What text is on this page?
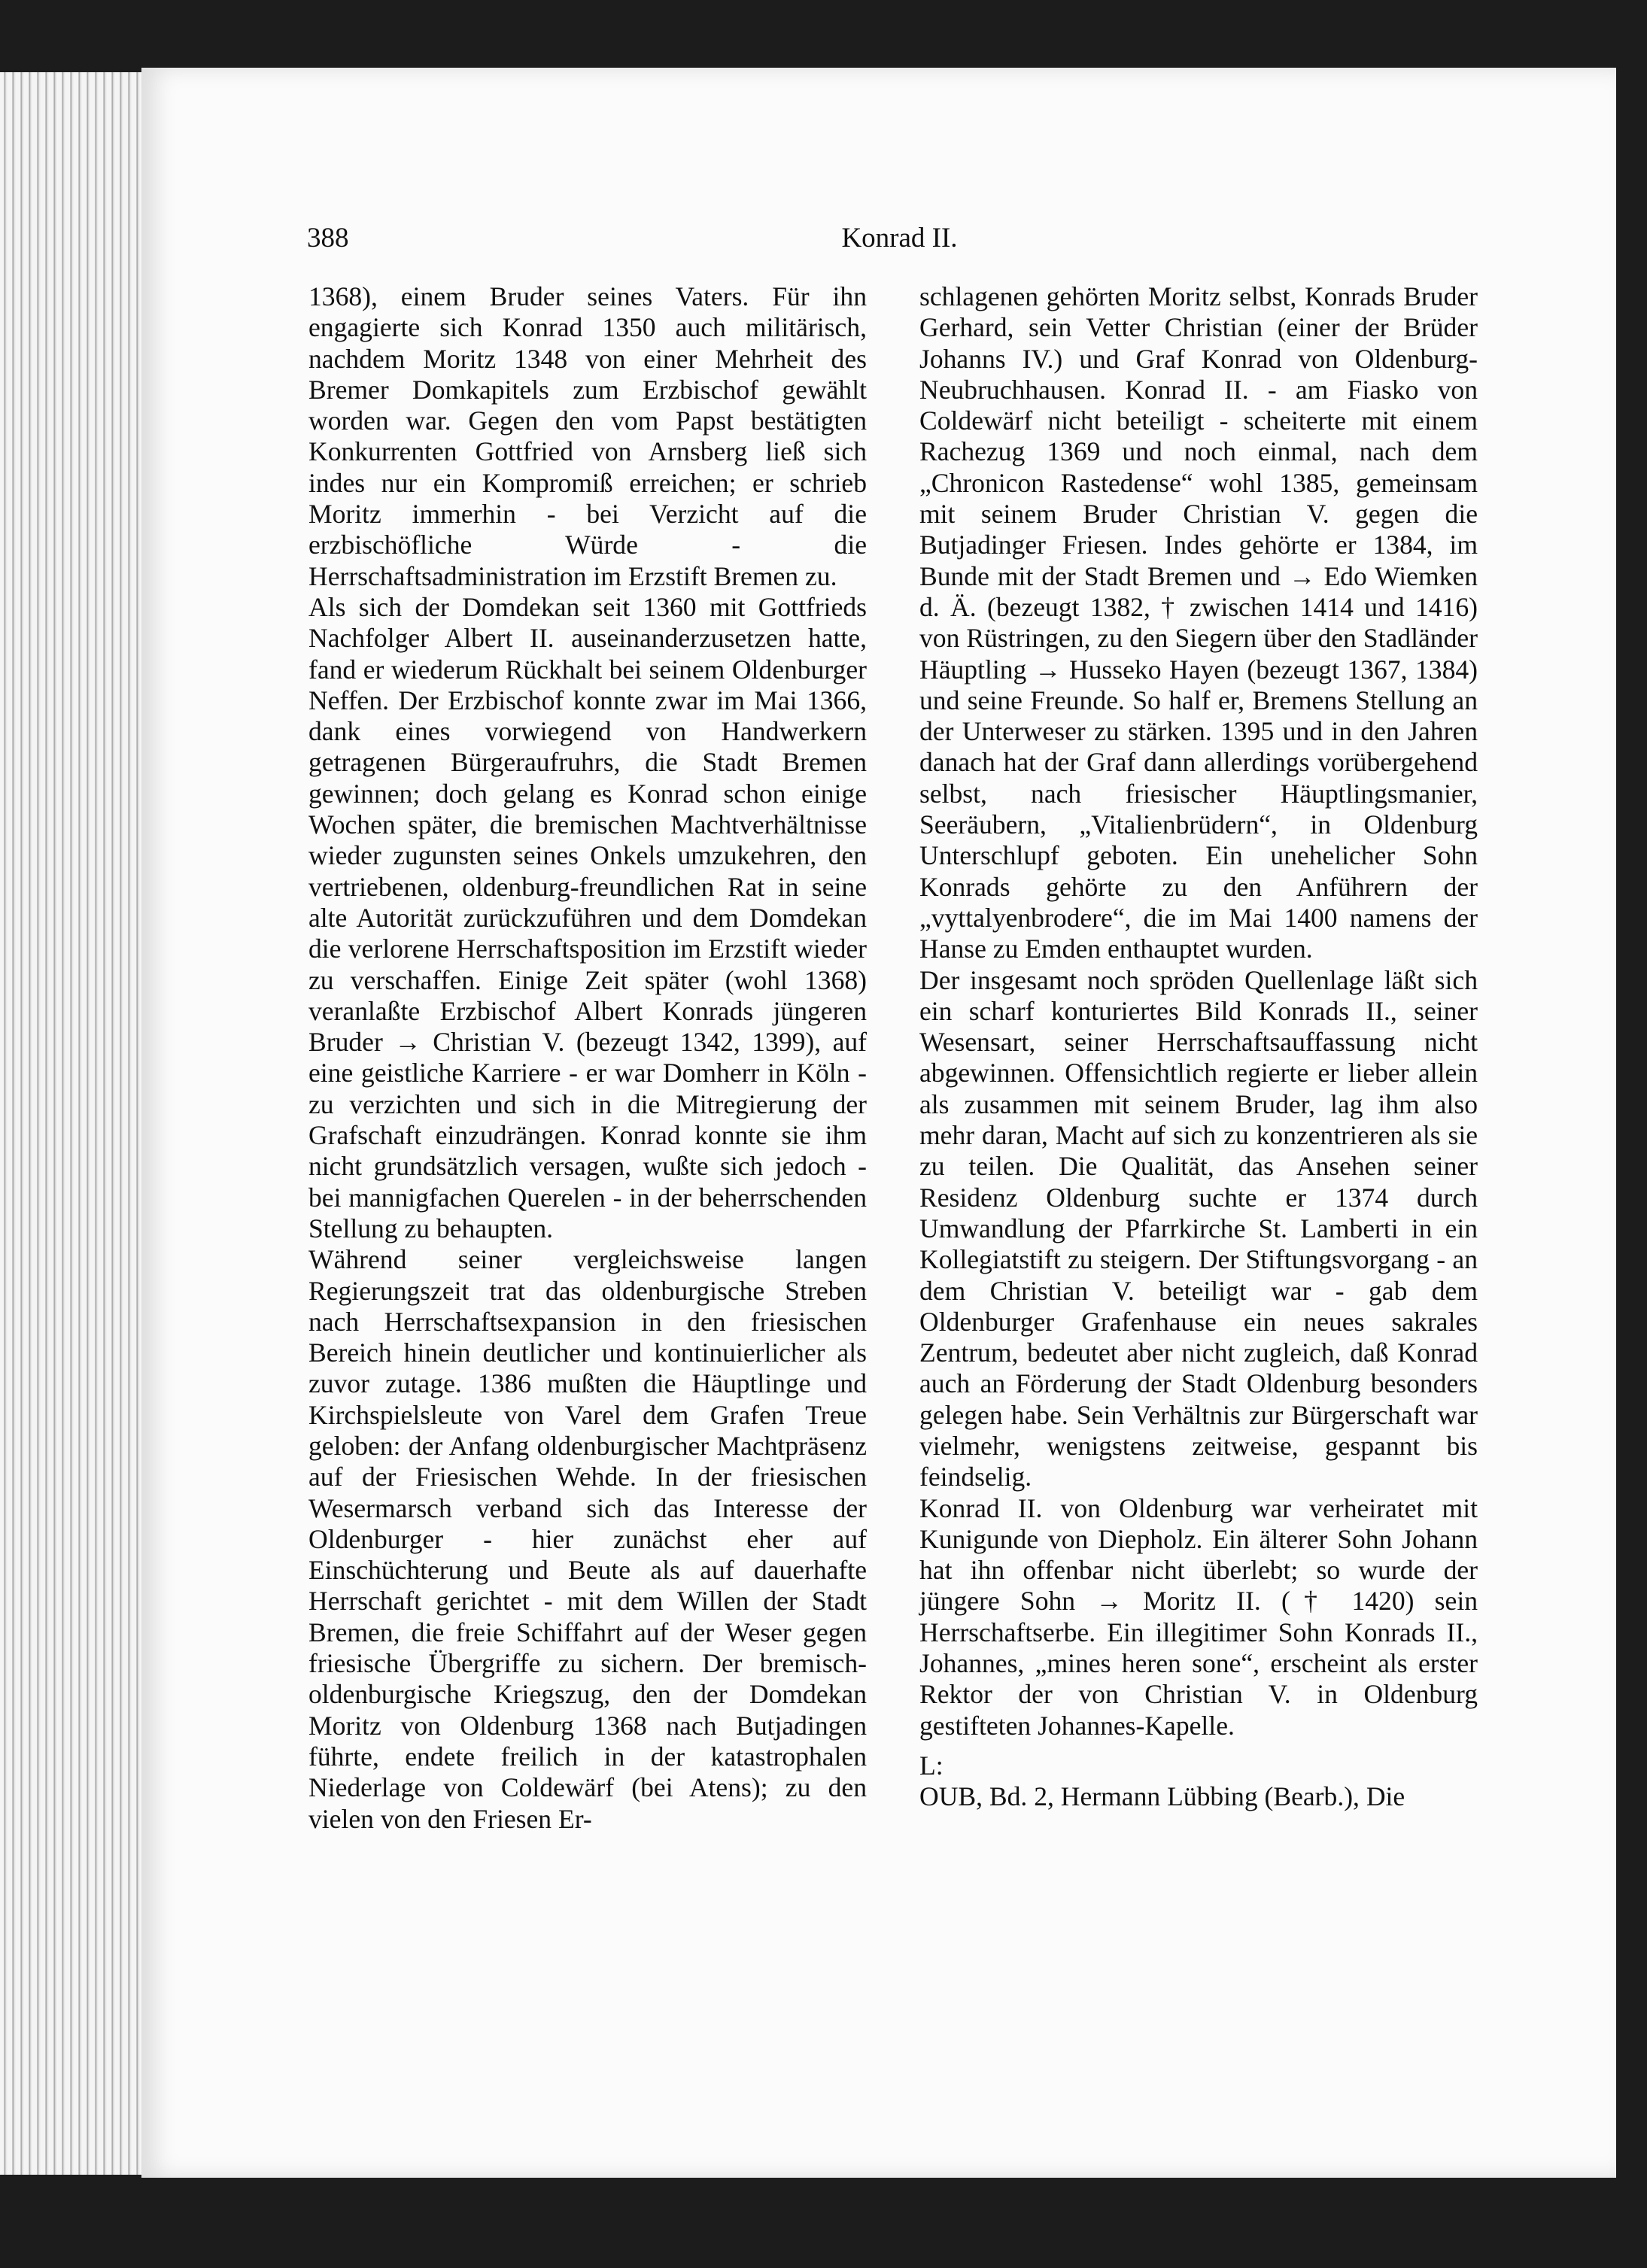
388	Konrad II.

1368), einem Bruder seines Vaters. Für ihn engagierte sich Konrad 1350 auch militärisch, nachdem Moritz 1348 von einer Mehrheit des Bremer Domkapitels zum Erzbischof gewählt worden war. Gegen den vom Papst bestätigten Konkurrenten Gottfried von Arnsberg ließ sich indes nur ein Kompromiß erreichen; er schrieb Moritz immerhin - bei Verzicht auf die erzbischöfliche Würde - die Herrschaftsadministration im Erzstift Bremen zu.

Als sich der Domdekan seit 1360 mit Gottfrieds Nachfolger Albert II. auseinanderzusetzen hatte, fand er wiederum Rückhalt bei seinem Oldenburger Neffen. Der Erzbischof konnte zwar im Mai 1366, dank eines vorwiegend von Handwerkern getragenen Bürgeraufruhrs, die Stadt Bremen gewinnen; doch gelang es Konrad schon einige Wochen später, die bremischen Machtverhältnisse wieder zugunsten seines Onkels umzukehren, den vertriebenen, oldenburg-freundlichen Rat in seine alte Autorität zurückzuführen und dem Domdekan die verlorene Herrschaftsposition im Erzstift wieder zu verschaffen. Einige Zeit später (wohl 1368) veranlaßte Erzbischof Albert Konrads jüngeren Bruder → Christian V. (bezeugt 1342, 1399), auf eine geistliche Karriere - er war Domherr in Köln - zu verzichten und sich in die Mitregierung der Grafschaft einzudrängen. Konrad konnte sie ihm nicht grundsätzlich versagen, wußte sich jedoch - bei mannigfachen Querelen - in der beherrschenden Stellung zu behaupten.

Während seiner vergleichsweise langen Regierungszeit trat das oldenburgische Streben nach Herrschaftsexpansion in den friesischen Bereich hinein deutlicher und kontinuierlicher als zuvor zutage. 1386 mußten die Häuptlinge und Kirchspielsleute von Varel dem Grafen Treue geloben: der Anfang oldenburgischer Machtpräsenz auf der Friesischen Wehde. In der friesischen Wesermarsch verband sich das Interesse der Oldenburger - hier zunächst eher auf Einschüchterung und Beute als auf dauerhafte Herrschaft gerichtet - mit dem Willen der Stadt Bremen, die freie Schiffahrt auf der Weser gegen friesische Übergriffe zu sichern. Der bremisch-oldenburgische Kriegszug, den der Domdekan Moritz von Oldenburg 1368 nach Butjadingen führte, endete freilich in der katastrophalen Niederlage von Coldewärf (bei Atens); zu den vielen von den Friesen Er-

schlagenen gehörten Moritz selbst, Konrads Bruder Gerhard, sein Vetter Christian (einer der Brüder Johanns IV.) und Graf Konrad von Oldenburg-Neubruchhausen. Konrad II. - am Fiasko von Coldewärf nicht beteiligt - scheiterte mit einem Rachezug 1369 und noch einmal, nach dem „Chronicon Rastedense“ wohl 1385, gemeinsam mit seinem Bruder Christian V. gegen die Butjadinger Friesen. Indes gehörte er 1384, im Bunde mit der Stadt Bremen und → Edo Wiemken d. Ä. (bezeugt 1382, † zwischen 1414 und 1416) von Rüstringen, zu den Siegern über den Stadländer Häuptling → Husseko Hayen (bezeugt 1367, 1384) und seine Freunde. So half er, Bremens Stellung an der Unterweser zu stärken. 1395 und in den Jahren danach hat der Graf dann allerdings vorübergehend selbst, nach friesischer Häuptlingsmanier, Seeräubern, „Vitalienbrüdern“, in Oldenburg Unterschlupf geboten. Ein unehelicher Sohn Konrads gehörte zu den Anführern der „vyttalyenbrodere“, die im Mai 1400 namens der Hanse zu Emden enthauptet wurden.

Der insgesamt noch spröden Quellenlage läßt sich ein scharf konturiertes Bild Konrads II., seiner Wesensart, seiner Herrschaftsauffassung nicht abgewinnen. Offensichtlich regierte er lieber allein als zusammen mit seinem Bruder, lag ihm also mehr daran, Macht auf sich zu konzentrieren als sie zu teilen. Die Qualität, das Ansehen seiner Residenz Oldenburg suchte er 1374 durch Umwandlung der Pfarrkirche St. Lamberti in ein Kollegiatstift zu steigern. Der Stiftungsvorgang - an dem Christian V. beteiligt war - gab dem Oldenburger Grafenhause ein neues sakrales Zentrum, bedeutet aber nicht zugleich, daß Konrad auch an Förderung der Stadt Oldenburg besonders gelegen habe. Sein Verhältnis zur Bürgerschaft war vielmehr, wenigstens zeitweise, gespannt bis feindselig.

Konrad II. von Oldenburg war verheiratet mit Kunigunde von Diepholz. Ein älterer Sohn Johann hat ihn offenbar nicht überlebt; so wurde der jüngere Sohn → Moritz II. († 1420) sein Herrschaftserbe. Ein illegitimer Sohn Konrads II., Johannes, „mines heren sone“, erscheint als erster Rektor der von Christian V. in Oldenburg gestifteten Johannes-Kapelle.

L:

OUB, Bd. 2, Hermann Lübbing (Bearb.), Die
